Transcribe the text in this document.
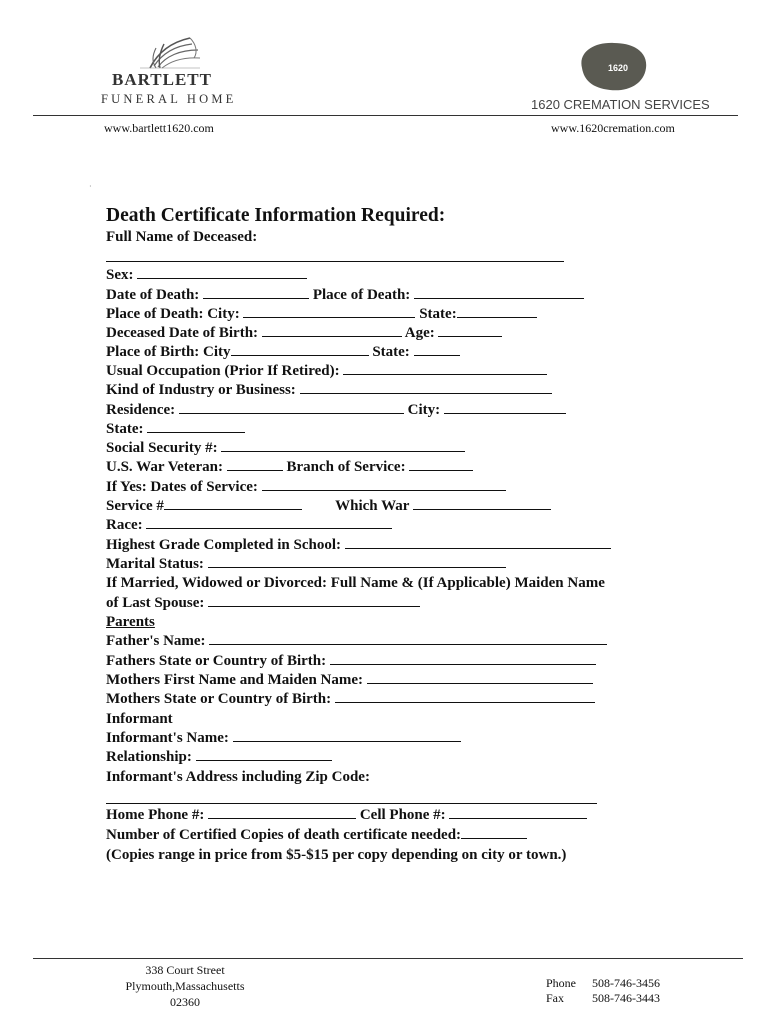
BARTLETT
FUNERAL HOME
1620
1620 CREMATION SERVICES
www.bartlett1620.com	www.1620cremation.com
·
Death Certificate Information Required:
Full Name of Deceased:
Sex:
Date of Death:	Place of Death:
Place of Death: City:	State:
Deceased Date of Birth:	Age:
Place of Birth: City	State:
Usual Occupation (Prior If Retired):
Kind of Industry or Business:
Residence:	City:
State:
Social Security #:
U.S. War Veteran:	Branch of Service:
If Yes: Dates of Service:
Service #	Which War
Race:
Highest Grade Completed in School:
Marital Status:
If Married, Widowed or Divorced: Full Name & (If Applicable) Maiden Name
of Last Spouse:
Parents
Father's Name:
Fathers State or Country of Birth:
Mothers First Name and Maiden Name:
Mothers State or Country of Birth:
Informant
Informant's Name:
Relationship:
Informant's Address including Zip Code:
Home Phone #:	Cell Phone #:
Number of Certified Copies of death certificate needed:
(Copies range in price from $5-$15 per copy depending on city or town.)
338 Court Street
Plymouth,Massachusetts
02360
Phone 508-746-3456
Fax 508-746-3443
